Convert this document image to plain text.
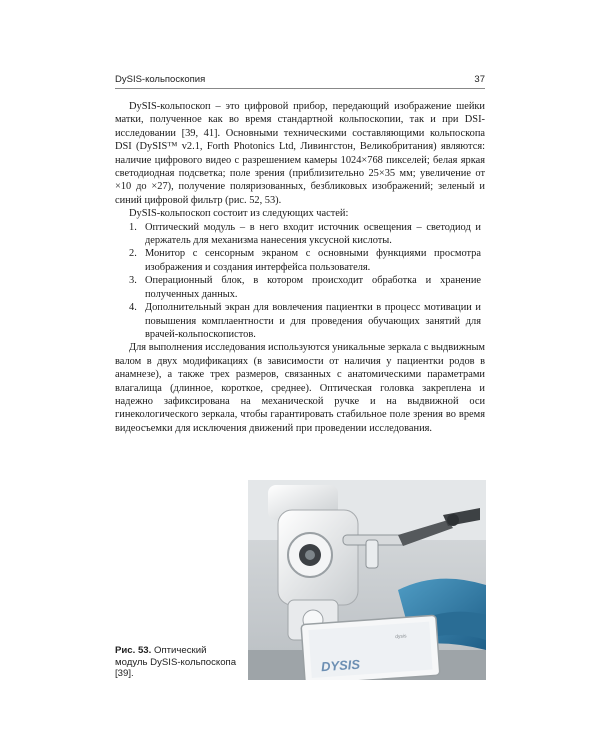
DySIS-кольпоскопия	37

DySIS-кольпоскоп – это цифровой прибор, передающий изображение шейки матки, полученное как во время стандартной кольпоскопии, так и при DSI-исследовании [39, 41]. Основными техническими составляющими кольпоскопа DSI (DySIS™ v2.1, Forth Photonics Ltd, Ливингстон, Великобритания) являются: наличие цифрового видео с разрешением камеры 1024×768 пикселей; белая яркая светодиодная подсветка; поле зрения (приблизительно 25×35 мм; увеличение от ×10 до ×27), получение поляризованных, безбликовых изображений; зеленый и синий цифровой фильтр (рис. 52, 53).

DySIS-кольпоскоп состоит из следующих частей:

1. Оптический модуль – в него входит источник освещения – светодиод и держатель для механизма нанесения уксусной кислоты.
2. Монитор с сенсорным экраном с основными функциями просмотра изображения и создания интерфейса пользователя.
3. Операционный блок, в котором происходит обработка и хранение полученных данных.
4. Дополнительный экран для вовлечения пациентки в процесс мотивации и повышения комплаентности и для проведения обучающих занятий для врачей-кольпоскопистов.

Для выполнения исследования используются уникальные зеркала с выдвижным валом в двух модификациях (в зависимости от наличия у пациентки родов в анамнезе), а также трех размеров, связанных с анатомическими параметрами влагалища (длинное, короткое, среднее). Оптическая головка закреплена и надежно зафиксирована на механической ручке и на выдвижной оси гинекологического зеркала, чтобы гарантировать стабильное поле зрения во время видеосъемки для исключения движений при проведении исследования.

DYSIS
dysis
Рис. 53. Оптический модуль DySIS-кольпоскопа [39].
